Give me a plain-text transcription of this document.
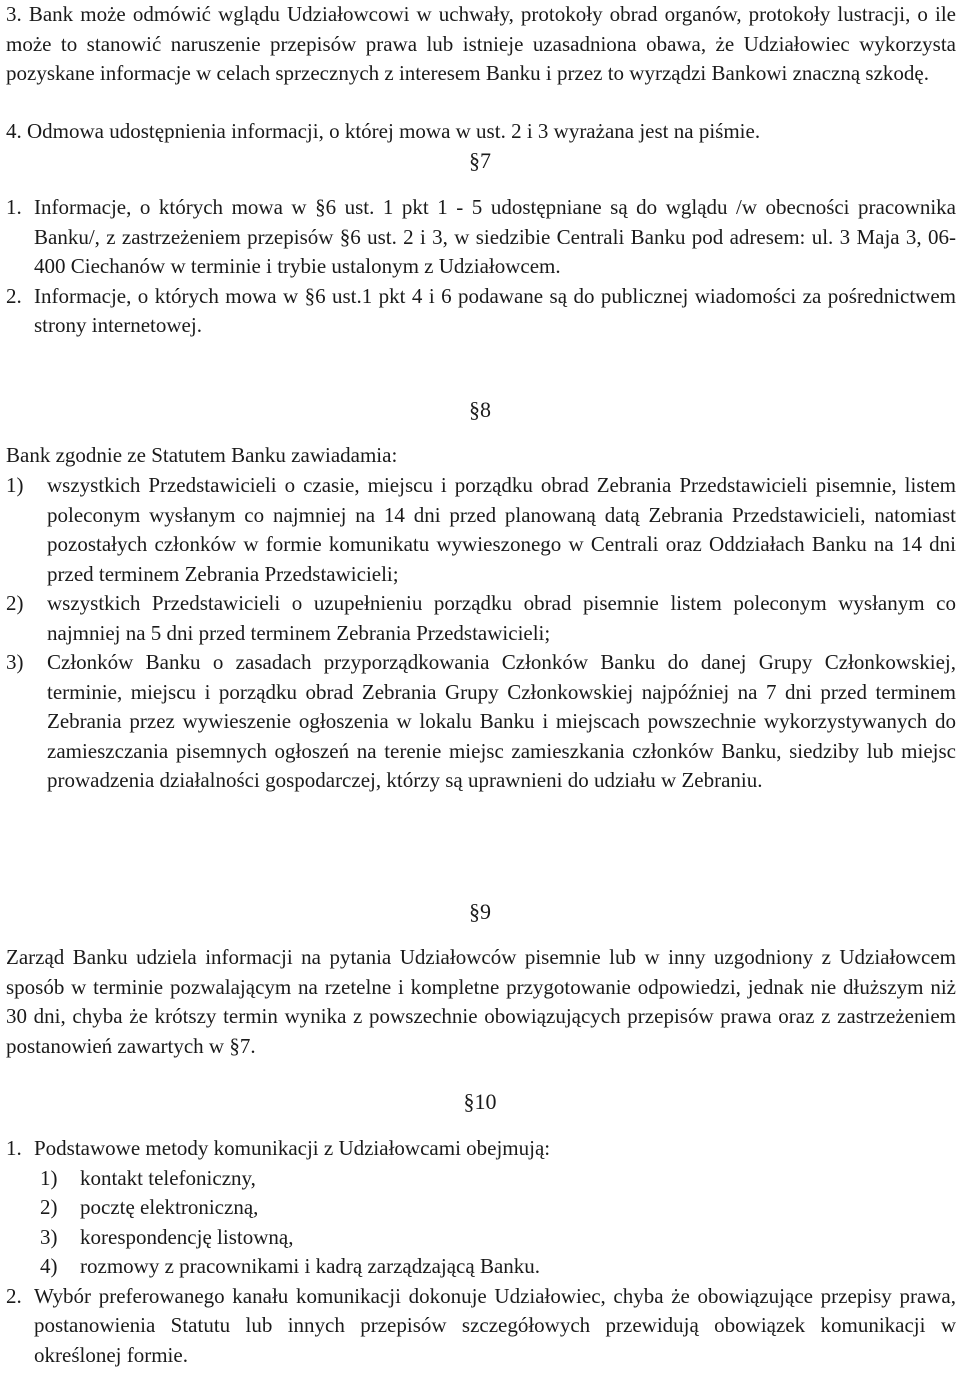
3. Bank może odmówić wglądu Udziałowcowi w uchwały, protokoły obrad organów, protokoły lustracji, o ile może to stanowić naruszenie przepisów prawa lub istnieje uzasadniona obawa, że Udziałowiec wykorzysta pozyskane informacje w celach sprzecznych z interesem Banku i przez to wyrządzi Bankowi znaczną szkodę.

4. Odmowa udostępnienia informacji, o której mowa w ust. 2 i 3 wyrażana jest na piśmie.

§7
1. Informacje, o których mowa w §6 ust. 1 pkt 1 - 5 udostępniane są do wglądu /w obecności pracownika Banku/, z zastrzeżeniem przepisów §6 ust. 2 i 3, w siedzibie Centrali Banku pod adresem: ul. 3 Maja 3, 06-400 Ciechanów w terminie i trybie ustalonym z Udziałowcem.
2. Informacje, o których mowa w §6 ust.1 pkt 4 i 6 podawane są do publicznej wiadomości za pośrednictwem strony internetowej.
§8

Bank zgodnie ze Statutem Banku zawiadamia:

1)	wszystkich Przedstawicieli o czasie, miejscu i porządku obrad Zebrania Przedstawicieli pisemnie, listem poleconym wysłanym co najmniej na 14 dni przed planowaną datą Zebrania Przedstawicieli, natomiast pozostałych członków w formie komunikatu wywieszonego w Centrali oraz Oddziałach Banku na 14 dni przed terminem Zebrania Przedstawicieli;
2)	wszystkich Przedstawicieli o uzupełnieniu porządku obrad pisemnie listem poleconym wysłanym co najmniej na 5 dni przed terminem Zebrania Przedstawicieli;
3)	Członków Banku o zasadach przyporządkowania Członków Banku do danej Grupy Członkowskiej, terminie, miejscu i porządku obrad Zebrania Grupy Członkowskiej najpóźniej na 7 dni przed terminem Zebrania przez wywieszenie ogłoszenia w lokalu Banku i miejscach powszechnie wykorzystywanych do zamieszczania pisemnych ogłoszeń na terenie miejsc zamieszkania członków Banku, siedziby lub miejsc prowadzenia działalności gospodarczej, którzy są uprawnieni do udziału w Zebraniu.
§9

Zarząd Banku udziela informacji na pytania Udziałowców pisemnie lub w inny uzgodniony z Udziałowcem sposób w terminie pozwalającym na rzetelne i kompletne przygotowanie odpowiedzi, jednak nie dłuższym niż 30 dni, chyba że krótszy termin wynika z powszechnie obowiązujących przepisów prawa oraz z zastrzeżeniem postanowień zawartych w §7.

§10
1. Podstawowe metody komunikacji z Udziałowcami obejmują:
1)	kontakt telefoniczny,
2)	pocztę elektroniczną,
3)	korespondencję listowną,
4)	rozmowy z pracownikami i kadrą zarządzającą Banku.
2. Wybór preferowanego kanału komunikacji dokonuje Udziałowiec, chyba że obowiązujące przepisy prawa, postanowienia Statutu lub innych przepisów szczegółowych przewidują obowiązek komunikacji w określonej formie.
